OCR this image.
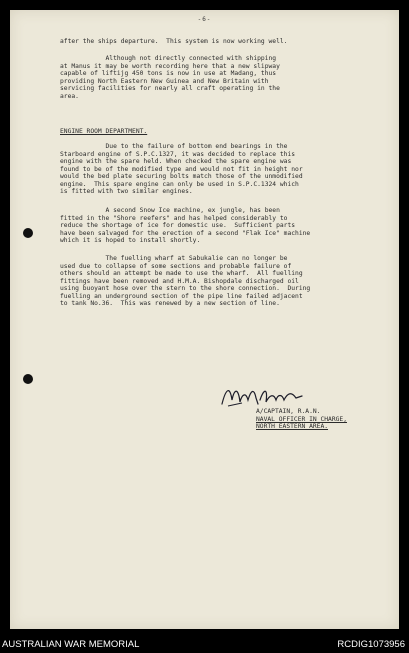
-6-
after the ships departure.  This system is now working well.
Although not directly connected with shipping
at Manus it may be worth recording here that a new slipway
capable of liftijg 450 tons is now in use at Madang, thus
providing North Eastern New Guinea and New Britain with
servicing facilities for nearly all craft operating in the
area.
ENGINE ROOM DEPARTMENT.
Due to the failure of bottom end bearings in the
Starboard engine of S.P.C.1327, it was decided to replace this
engine with the spare held. When checked the spare engine was
found to be of the modified type and would not fit in height nor
would the bed plate securing bolts match those of the unmodified
engine.  This spare engine can only be used in S.P.C.1324 which
is fitted with two similar engines.
A second Snow Ice machine, ex jungle, has been
fitted in the "Shore reefers" and has helped considerably to
reduce the shortage of ice for domestic use.  Sufficient parts
have been salvaged for the erection of a second "Flak Ice" machine
which it is hoped to install shortly.
The fuelling wharf at Sabukalie can no longer be
used due to collapse of some sections and probable failure of
others should an attempt be made to use the wharf.  All fuelling
fittings have been removed and H.M.A. Bishopdale discharged oil
using buoyant hose over the stern to the shore connection.  During
fuelling an underground section of the pipe line failed adjacent
to tank No.36.  This was renewed by a new section of line.
A/CAPTAIN, R.A.N.
NAVAL OFFICER IN CHARGE,
NORTH EASTERN AREA.
AUSTRALIAN WAR MEMORIAL	RCDIG1073956
